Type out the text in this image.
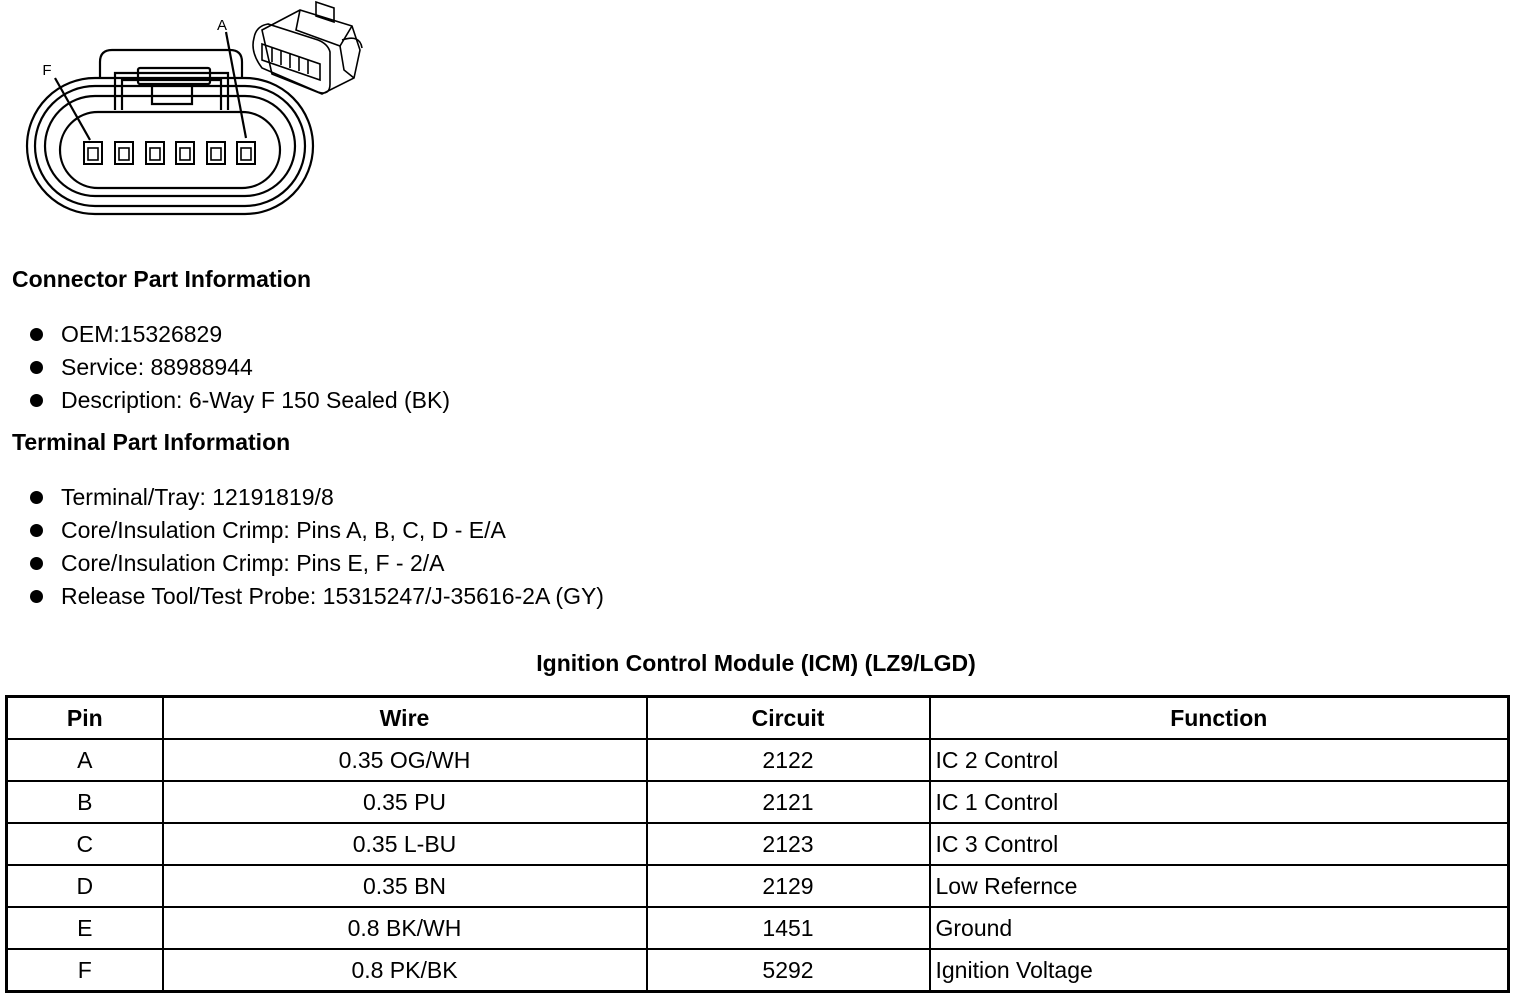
A
F
Connector Part Information
OEM:15326829
Service: 88988944
Description: 6-Way F 150 Sealed (BK)
Terminal Part Information
Terminal/Tray: 12191819/8
Core/Insulation Crimp: Pins A, B, C, D - E/A
Core/Insulation Crimp: Pins E, F - 2/A
Release Tool/Test Probe: 15315247/J-35616-2A (GY)
Ignition Control Module (ICM) (LZ9/LGD)
Pin	Wire	Circuit	Function
A	0.35 OG/WH	2122	IC 2 Control
B	0.35 PU	2121	IC 1 Control
C	0.35 L-BU	2123	IC 3 Control
D	0.35 BN	2129	Low Refernce
E	0.8 BK/WH	1451	Ground
F	0.8 PK/BK	5292	Ignition Voltage
